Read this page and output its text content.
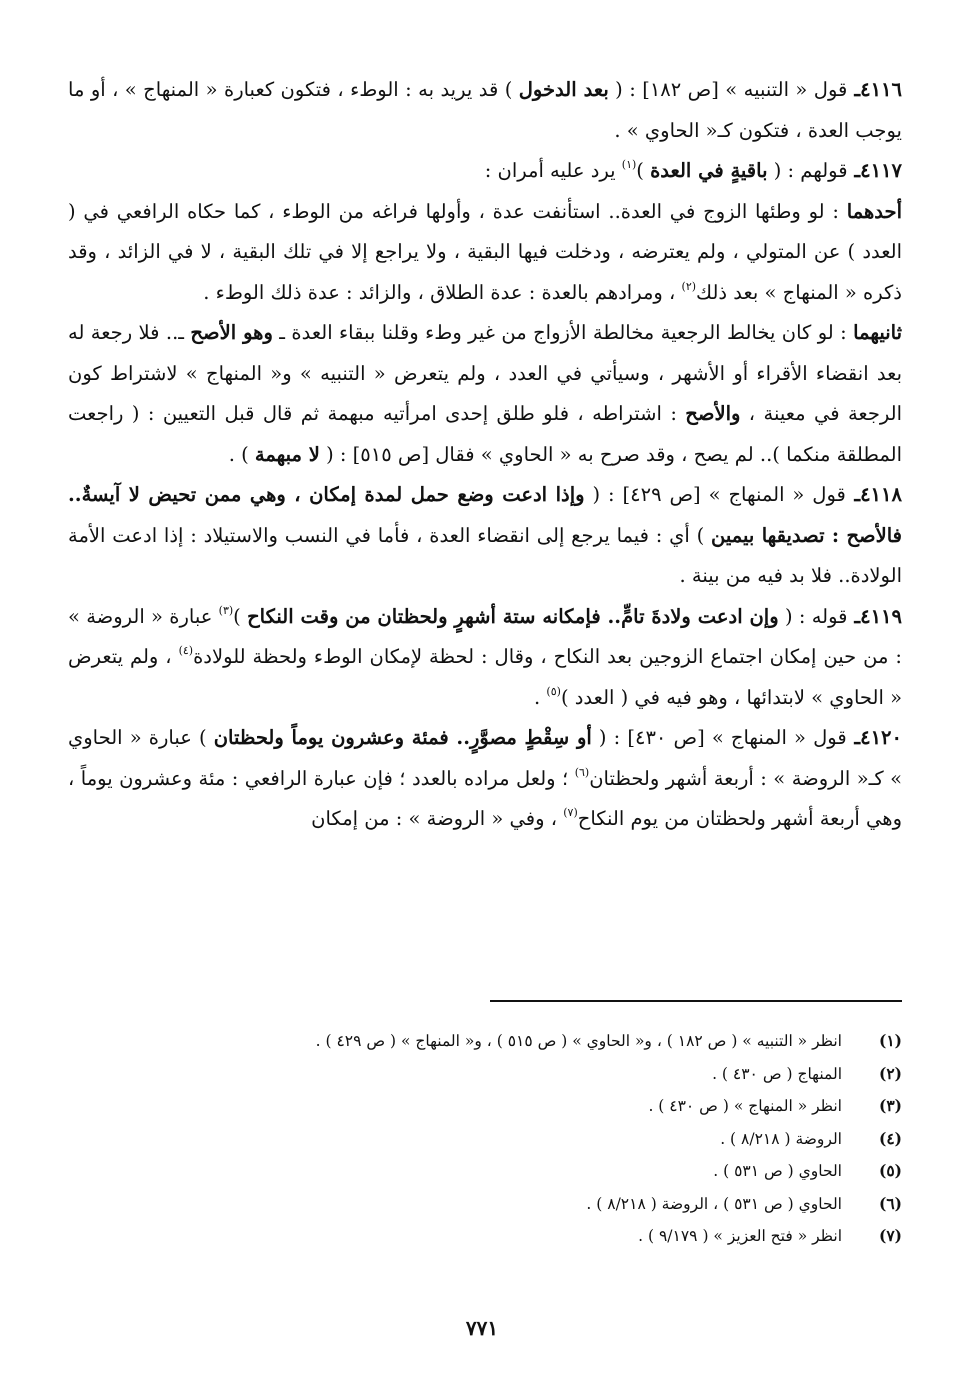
٤١١٦ـ قول « التنبيه » [ص ١٨٢] : ( بعد الدخول ) قد يريد به : الوطء ، فتكون كعبارة « المنهاج » ، أو ما يوجب العدة ، فتكون كـ« الحاوي » .

٤١١٧ـ قولهم : ( باقيةٍ في العدة )$^{(١)}$ يرد عليه أمران :

أحدهما : لو وطئها الزوج في العدة.. استأنفت عدة ، وأولها فراغه من الوطء ، كما حكاه الرافعي في ( العدد ) عن المتولي ، ولم يعترضه ، ودخلت فيها البقية ، ولا يراجع إلا في تلك البقية ، لا في الزائد ، وقد ذكره « المنهاج » بعد ذلك$^{(٢)}$ ، ومرادهم بالعدة : عدة الطلاق ، والزائد : عدة ذلك الوطء .

ثانيهما : لو كان يخالط الرجعية مخالطة الأزواج من غير وطء وقلنا ببقاء العدة ـ وهو الأصح ـ.. فلا رجعة له بعد انقضاء الأقراء أو الأشهر ، وسيأتي في العدد ، ولم يتعرض « التنبيه » و« المنهاج » لاشتراط كون الرجعة في معينة ، والأصح : اشتراطه ، فلو طلق إحدى امرأتيه مبهمة ثم قال قبل التعيين : ( راجعت المطلقة منكما ).. لم يصح ، وقد صرح به « الحاوي » فقال [ص ٥١٥] : ( لا مبهمة ) .

٤١١٨ـ قول « المنهاج » [ص ٤٢٩] : ( وإذا ادعت وضع حمل لمدة إمكان ، وهي ممن تحيض لا آيسةٌ.. فالأصح : تصديقها بيمين ) أي : فيما يرجع إلى انقضاء العدة ، فأما في النسب والاستيلاد : إذا ادعت الأمة الولادة.. فلا بد فيه من بينة .

٤١١٩ـ قوله : ( وإن ادعت ولادةَ تامٍّ.. فإمكانه ستة أشهرٍ ولحظتان من وقت النكاح )$^{(٣)}$ عبارة « الروضة » : من حين إمكان اجتماع الزوجين بعد النكاح ، وقال : لحظة لإمكان الوطء ولحظة للولادة$^{(٤)}$ ، ولم يتعرض « الحاوي » لابتدائها ، وهو فيه في ( العدد )$^{(٥)}$ .

٤١٢٠ـ قول « المنهاج » [ص ٤٣٠] : ( أو سِقْطٍ مصوَّرٍ.. فمئة وعشرون يوماً ولحظتان ) عبارة « الحاوي » كـ« الروضة » : أربعة أشهر ولحظتان$^{(٦)}$ ؛ ولعل مراده بالعدد ؛ فإن عبارة الرافعي : مئة وعشرون يوماً ، وهي أربعة أشهر ولحظتان من يوم النكاح$^{(٧)}$ ، وفي « الروضة » : من إمكان

(١)انظر « التنبيه » ( ص ١٨٢ ) ، و« الحاوي » ( ص ٥١٥ ) ، و« المنهاج » ( ص ٤٢٩ ) .
(٢)المنهاج ( ص ٤٣٠ ) .
(٣)انظر « المنهاج » ( ص ٤٣٠ ) .
(٤)الروضة ( ٨/٢١٨ ) .
(٥)الحاوي ( ص ٥٣١ ) .
(٦)الحاوي ( ص ٥٣١ ) ، الروضة ( ٨/٢١٨ ) .
(٧)انظر « فتح العزيز » ( ٩/١٧٩ ) .
٧٧١
